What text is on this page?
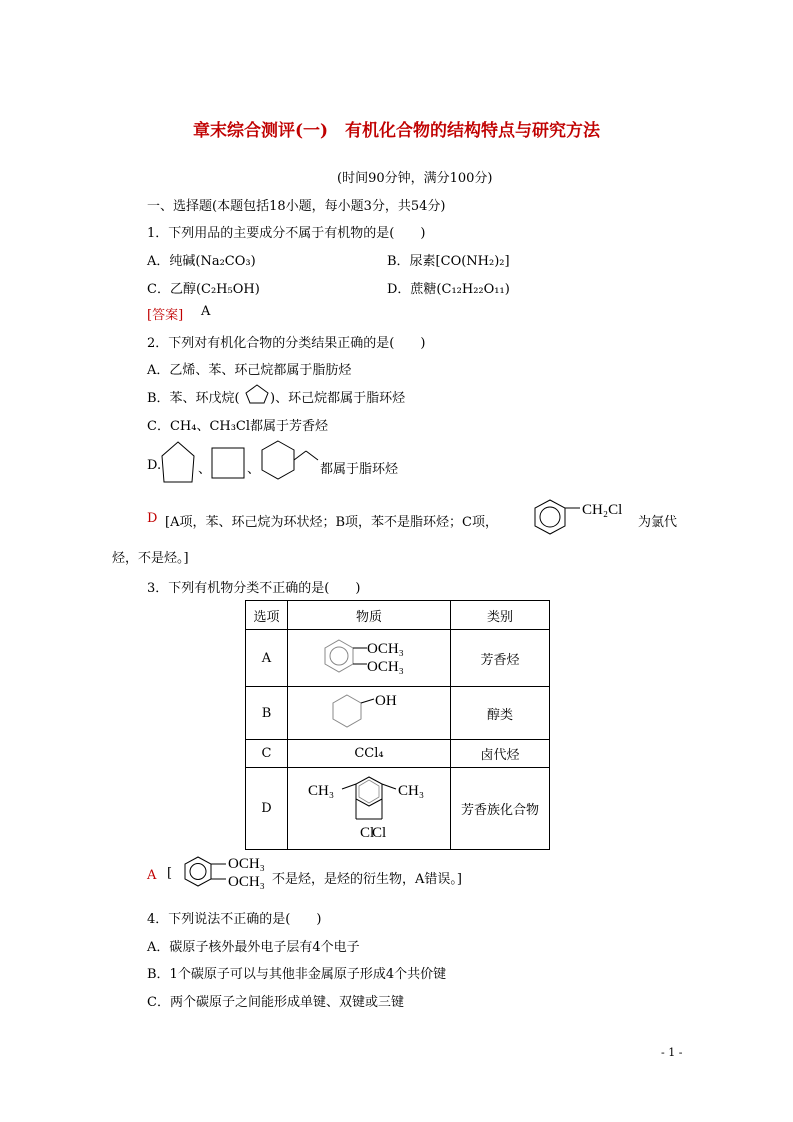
章末综合测评(一)　有机化合物的结构特点与研究方法
(时间90分钟，满分100分)
一、选择题(本题包括18小题，每小题3分，共54分)
1．下列用品的主要成分不属于有机物的是(　　)
A．纯碱(Na₂CO₃)	B．尿素[CO(NH₂)₂]
C．乙醇(C₂H₅OH)	D．蔗糖(C₁₂H₂₂O₁₁)
[答案] A
2．下列对有机化合物的分类结果正确的是(　　)
A．乙烯、苯、环己烷都属于脂肪烃
B．苯、环戊烷( )、环己烷都属于脂环烃
C．CH₄、CH₃Cl都属于芳香烃
D.	、	、	都属于脂环烃
D [A项，苯、环己烷为环状烃；B项，苯不是脂环烃；C项，
CH₂Cl
为氯代
烃，不是烃。]
3．下列有机物分类不正确的是(　　)
选项	物质	类别
A	OCH₃
OCH₃	芳香烃
B	OH	醇类
C	CCl₄	卤代烃
D	CH₃ CH₃
Cl
Cl	芳香族化合物
A [
OCH₃
OCH₃ 不是烃，是烃的衍生物，A错误。]
4．下列说法不正确的是(　　)
A．碳原子核外最外电子层有4个电子
B．1个碳原子可以与其他非金属原子形成4个共价键
C．两个碳原子之间能形成单键、双键或三键
- 1 -
